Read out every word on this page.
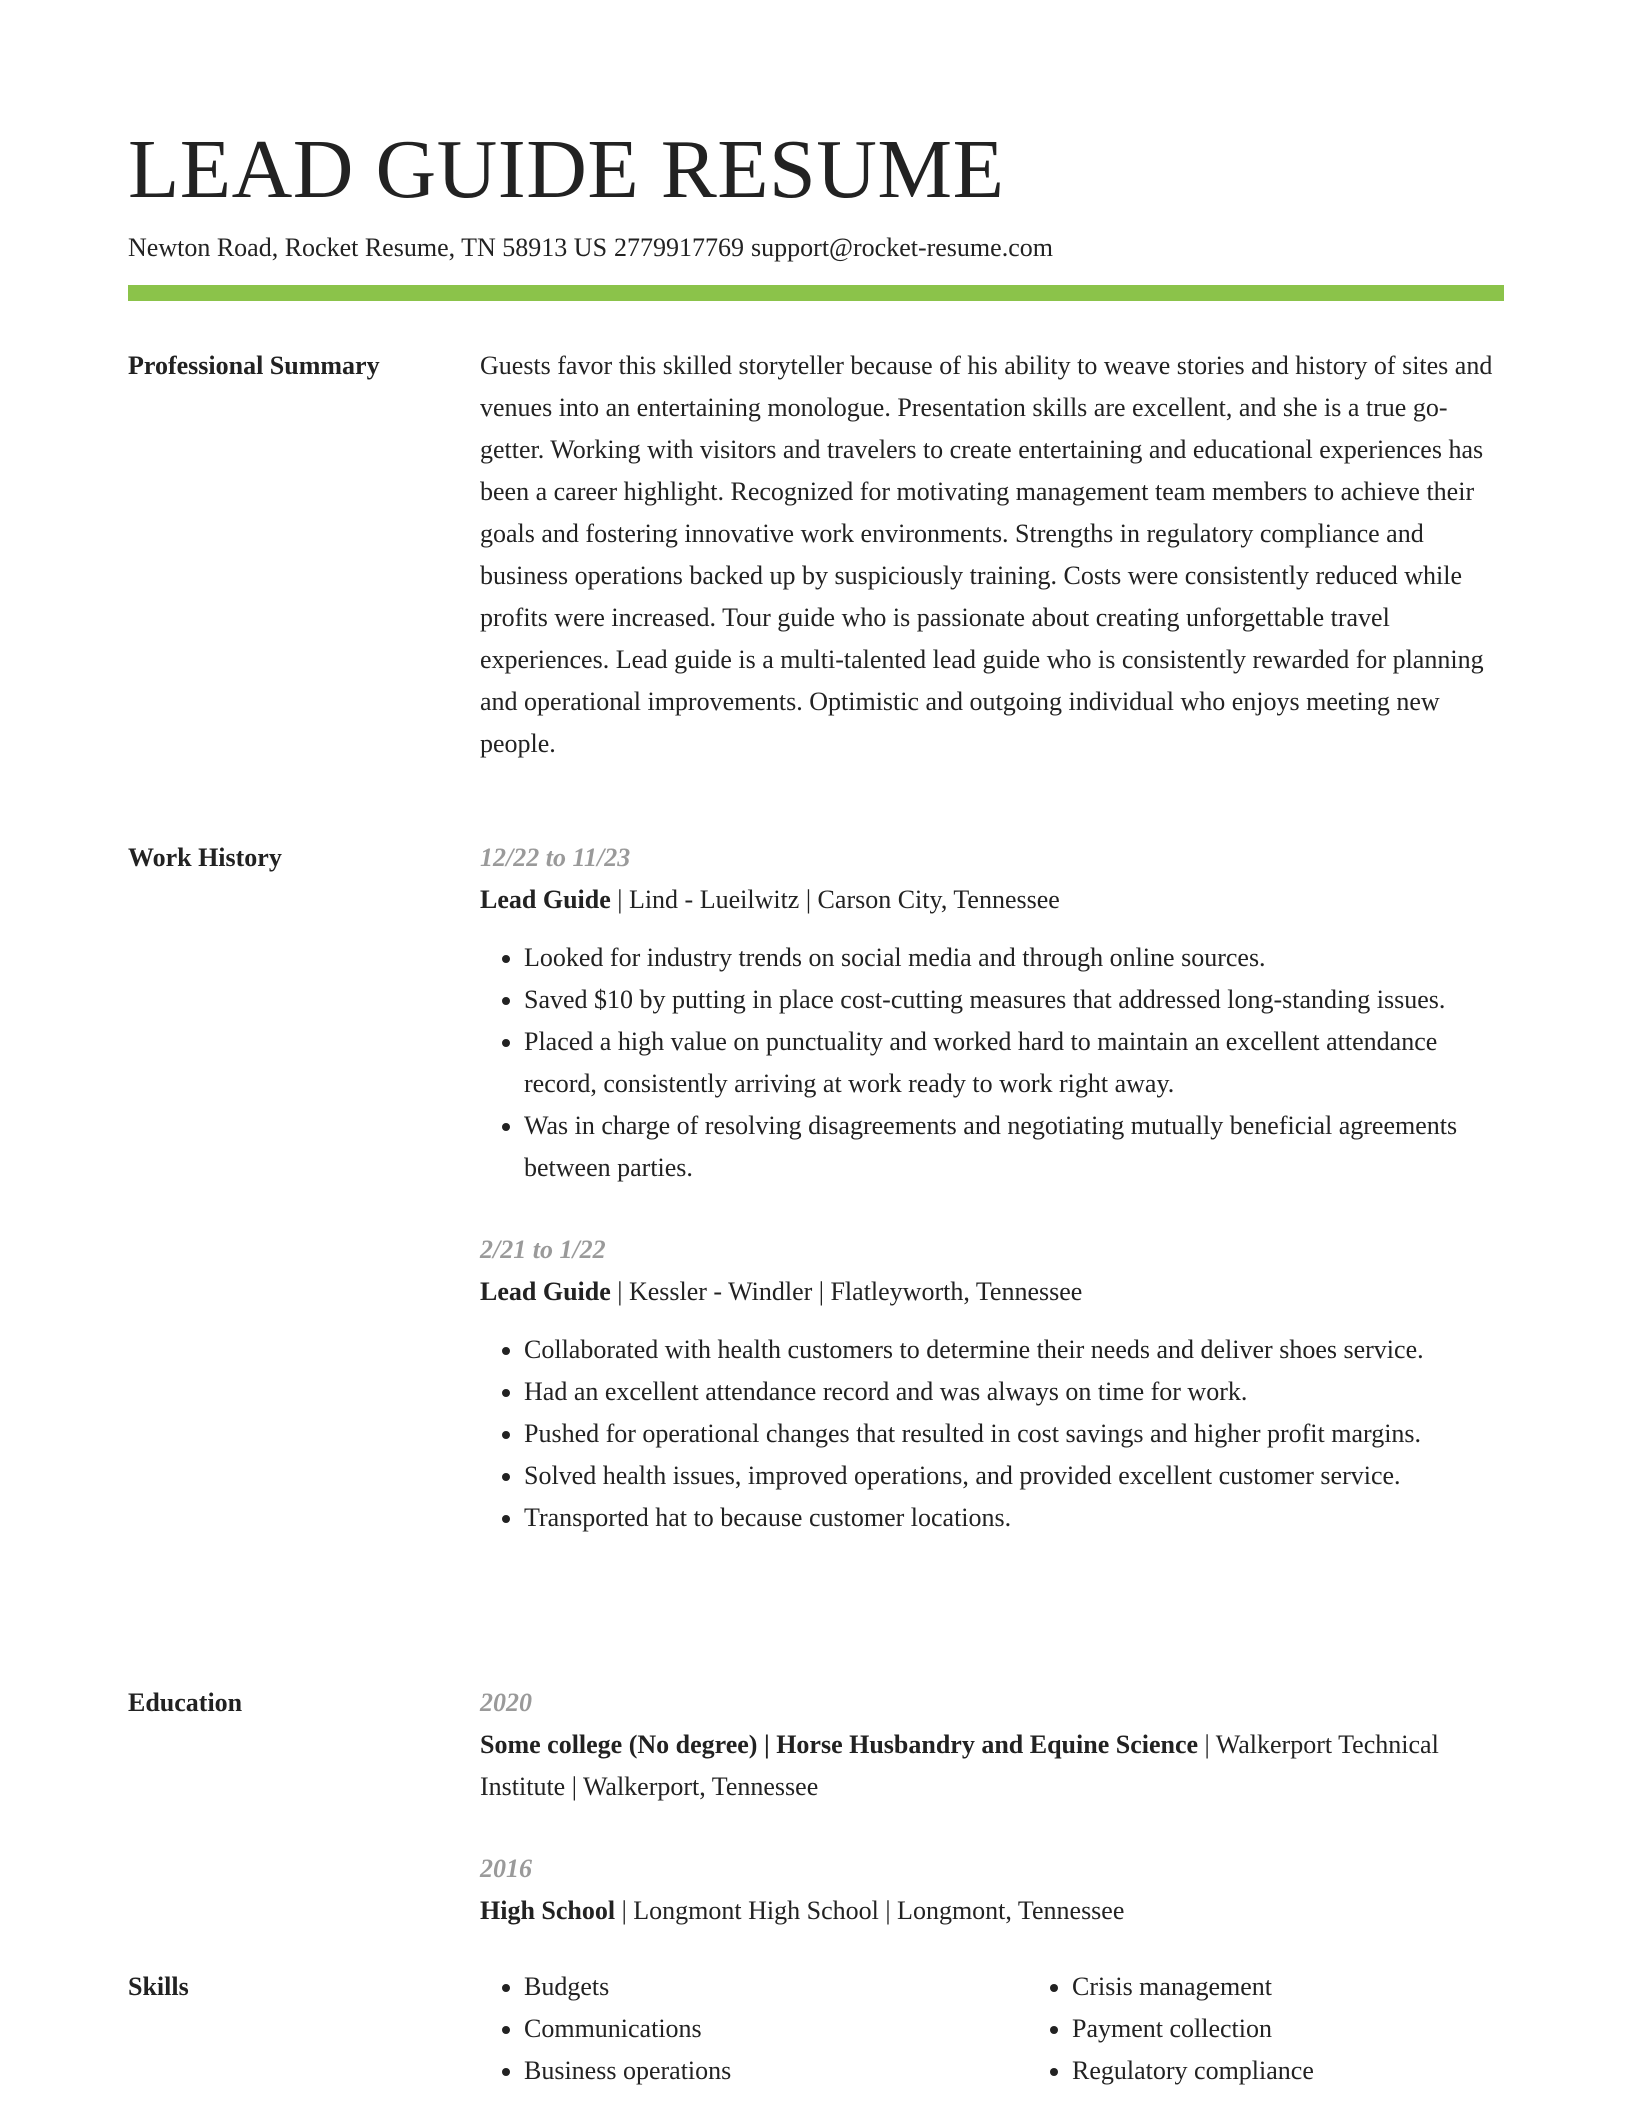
LEAD GUIDE RESUME
Newton Road, Rocket Resume, TN 58913 US 2779917769 support@rocket-resume.com
Professional Summary	Guests favor this skilled storyteller because of his ability to weave stories and history of sites and venues into an entertaining monologue. Presentation skills are excellent, and she is a true go-getter. Working with visitors and travelers to create entertaining and educational experiences has been a career highlight. Recognized for motivating management team members to achieve their goals and fostering innovative work environments. Strengths in regulatory compliance and business operations backed up by suspiciously training. Costs were consistently reduced while profits were increased. Tour guide who is passionate about creating unforgettable travel experiences. Lead guide is a multi-talented lead guide who is consistently rewarded for planning and operational improvements. Optimistic and outgoing individual who enjoys meeting new people.

Work History	12/22 to 11/23
Lead Guide | Lind - Lueilwitz | Carson City, Tennessee
• Looked for industry trends on social media and through online sources.
• Saved $10 by putting in place cost-cutting measures that addressed long-standing issues.
• Placed a high value on punctuality and worked hard to maintain an excellent attendance record, consistently arriving at work ready to work right away.
• Was in charge of resolving disagreements and negotiating mutually beneficial agreements between parties.
2/21 to 1/22
Lead Guide | Kessler - Windler | Flatleyworth, Tennessee
• Collaborated with health customers to determine their needs and deliver shoes service.
• Had an excellent attendance record and was always on time for work.
• Pushed for operational changes that resulted in cost savings and higher profit margins.
• Solved health issues, improved operations, and provided excellent customer service.
• Transported hat to because customer locations.
Education	2020
Some college (No degree) | Horse Husbandry and Equine Science | Walkerport Technical Institute | Walkerport, Tennessee
2016
High School | Longmont High School | Longmont, Tennessee
Skills
•	Budgets
• Communications
• Business operations
• Crisis management
• Payment collection
• Regulatory compliance
